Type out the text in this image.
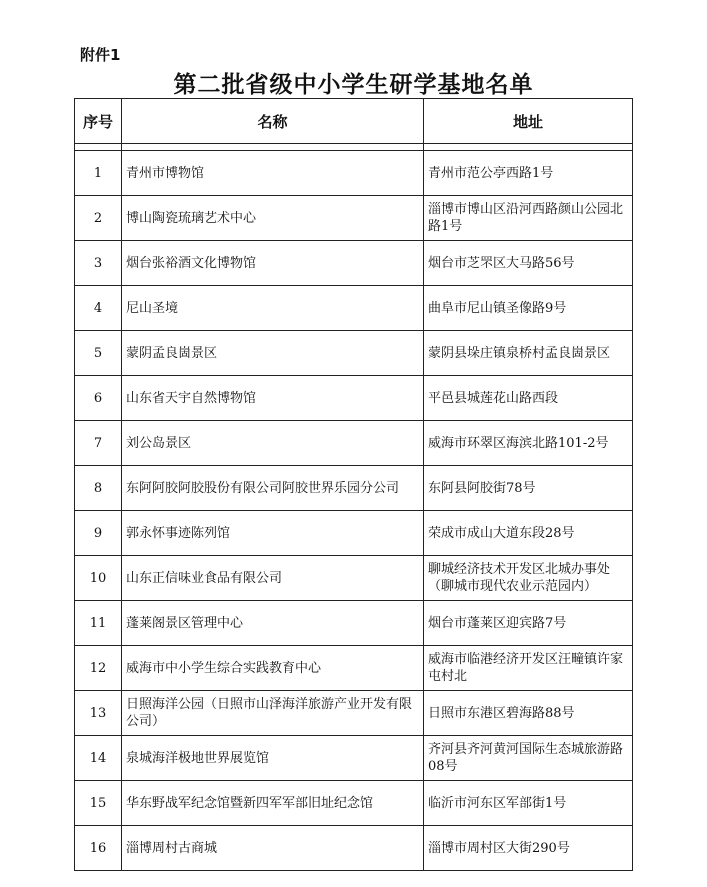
附件1
第二批省级中小学生研学基地名单
序号	名称	地址

1	青州市博物馆	青州市范公亭西路1号
2	博山陶瓷琉璃艺术中心	淄博市博山区沿河西路颜山公园北路1号
3	烟台张裕酒文化博物馆	烟台市芝罘区大马路56号
4	尼山圣境	曲阜市尼山镇圣像路9号
5	蒙阴孟良崮景区	蒙阴县垛庄镇泉桥村孟良崮景区
6	山东省天宇自然博物馆	平邑县城莲花山路西段
7	刘公岛景区	威海市环翠区海滨北路101-2号
8	东阿阿胶阿胶股份有限公司阿胶世界乐园分公司	东阿县阿胶街78号
9	郭永怀事迹陈列馆	荣成市成山大道东段28号
10	山东正信味业食品有限公司	聊城经济技术开发区北城办事处（聊城市现代农业示范园内）
11	蓬莱阁景区管理中心	烟台市蓬莱区迎宾路7号
12	威海市中小学生综合实践教育中心	威海市临港经济开发区汪疃镇许家屯村北
13	日照海洋公园（日照市山泽海洋旅游产业开发有限公司）	日照市东港区碧海路88号
14	泉城海洋极地世界展览馆	齐河县齐河黄河国际生态城旅游路08号
15	华东野战军纪念馆暨新四军军部旧址纪念馆	临沂市河东区军部街1号
16	淄博周村古商城	淄博市周村区大街290号
